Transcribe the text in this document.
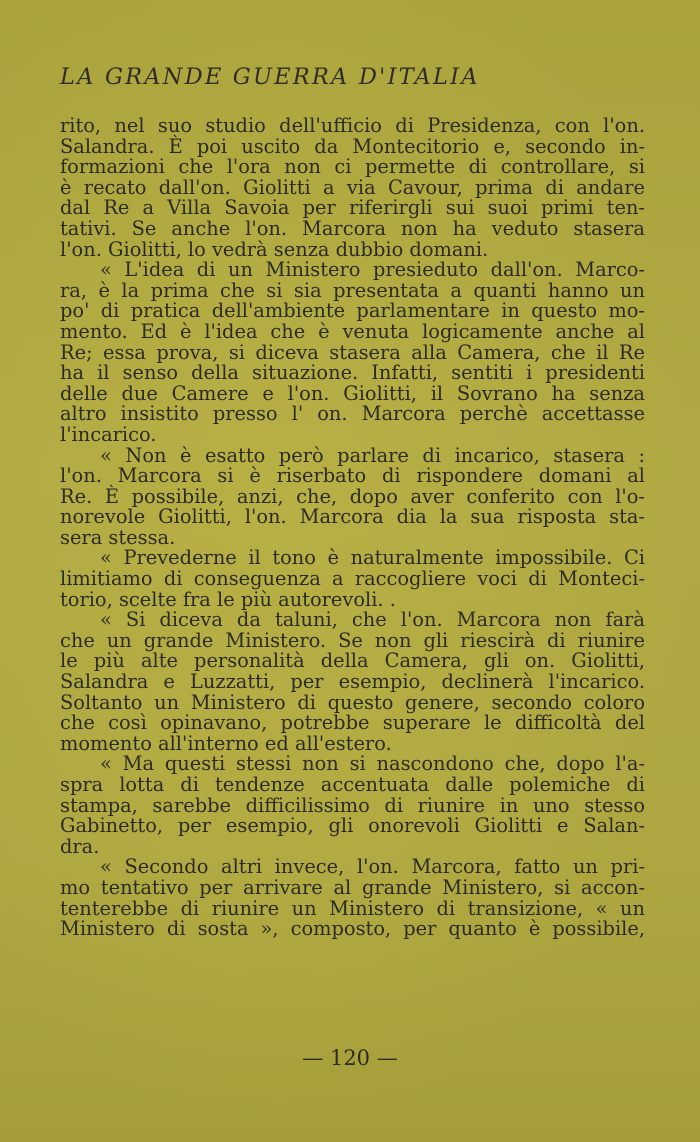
LA GRANDE GUERRA D'ITALIA
rito, nel suo studio dell'ufficio di Presidenza, con l'on.
Salandra. È poi uscito da Montecitorio e, secondo in-
formazioni che l'ora non ci permette di controllare, si
è recato dall'on. Giolitti a via Cavour, prima di andare
dal Re a Villa Savoia per riferirgli sui suoi primi ten-
tativi. Se anche l'on. Marcora non ha veduto stasera
l'on. Giolitti, lo vedrà senza dubbio domani.
« L'idea di un Ministero presieduto dall'on. Marco-
ra, è la prima che si sia presentata a quanti hanno un
po' di pratica dell'ambiente parlamentare in questo mo-
mento. Ed è l'idea che è venuta logicamente anche al
Re; essa prova, si diceva stasera alla Camera, che il Re
ha il senso della situazione. Infatti, sentiti i presidenti
delle due Camere e l'on. Giolitti, il Sovrano ha senza
altro insistito presso l' on. Marcora perchè accettasse
l'incarico.
« Non è esatto però parlare di incarico, stasera :
l'on. Marcora si è riserbato di rispondere domani al
Re. È possibile, anzi, che, dopo aver conferito con l'o-
norevole Giolitti, l'on. Marcora dia la sua risposta sta-
sera stessa.
« Prevederne il tono è naturalmente impossibile. Ci
limitiamo di conseguenza a raccogliere voci di Monteci-
torio, scelte fra le più autorevoli. .
« Si diceva da taluni, che l'on. Marcora non farà
che un grande Ministero. Se non gli riescirà di riunire
le più alte personalità della Camera, gli on. Giolitti,
Salandra e Luzzatti, per esempio, declinerà l'incarico.
Soltanto un Ministero di questo genere, secondo coloro
che così opinavano, potrebbe superare le difficoltà del
momento all'interno ed all'estero.
« Ma questi stessi non si nascondono che, dopo l'a-
spra lotta di tendenze accentuata dalle polemiche di
stampa, sarebbe difficilissimo di riunire in uno stesso
Gabinetto, per esempio, gli onorevoli Giolitti e Salan-
dra.
« Secondo altri invece, l'on. Marcora, fatto un pri-
mo tentativo per arrivare al grande Ministero, si accon-
tenterebbe di riunire un Ministero di transizione, « un
Ministero di sosta », composto, per quanto è possibile,
— 120 —
